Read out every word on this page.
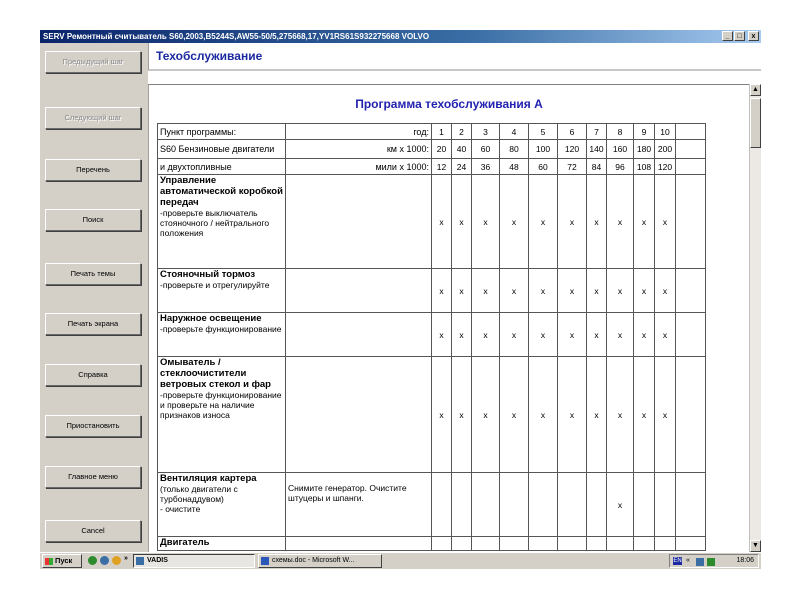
SERV Ремонтный считыватель S60,2003,B5244S,AW55-50/5,275668,17,YV1RS61S932275668 VOLVO	_	□	x
Предыдущий шаг
Следующий шаг
Перечень
Поиск
Печать темы
Печать экрана
Справка
Приостановить
Главное меню
Cancel
Техобслуживание
Программа техобслуживания А
Пункт программы:	год:	1	2	3	4	5	6	7	8	9	10	
S60 Бензиновые двигатели	км x 1000:	20	40	60	80	100	120	140	160	180	200	
и двухтопливные	мили x 1000:	12	24	36	48	60	72	84	96	108	120	

Управление автоматической коробкой передач
-проверьте выключатель стояночного / нейтрального положения		x	x	x	x	x	x	x	x	x	x	

Стояночный тормоз
-проверьте и отрегулируйте		x	x	x	x	x	x	x	x	x	x	

Наружное освещение
-проверьте функционирование		x	x	x	x	x	x	x	x	x	x	

Омыватель / стеклоочистители ветровых стекол и фар
-проверьте функционирование и проверьте на наличие признаков износа		x	x	x	x	x	x	x	x	x	x	

Вентиляция картера
(только двигатели с турбонаддувом)
- очистите	Снимите генератор. Очистите штуцеры и шпанги.								x			

Двигатель												

▲
▼
Пуск	»	VADIS	схемы.doc - Microsoft W...	EN «	18:06
